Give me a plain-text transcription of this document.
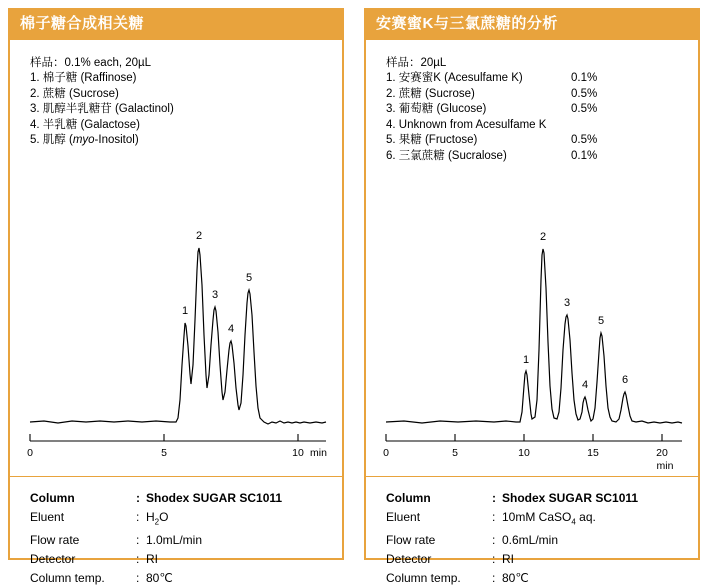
棉子糖合成相关糖
样品：0.1% each, 20µL
1. 棉子糖 (Raffinose)
2. 蔗糖 (Sucrose)
3. 肌醇半乳糖苷 (Galactinol)
4. 半乳糖 (Galactose)
5. 肌醇 (myo-Inositol)
1
2
3
4
5
0	5	10 min
Column	:	Shodex SUGAR SC1011
Eluent	:	$H_2O$
Flow rate	:	1.0mL/min
Detector	:	RI
Column temp.	:	80℃
安赛蜜K与三氯蔗糖的分析
样品：20µL
1. 安赛蜜K (Acesulfame K)	0.1%
2. 蔗糖 (Sucrose)	0.5%
3. 葡萄糖 (Glucose)	0.5%
4. Unknown from Acesulfame K
5. 果糖 (Fructose)	0.5%
6. 三氯蔗糖 (Sucralose)	0.1%
1
2
3
4
5
6
0	5	10	15	20
min
Column	:	Shodex SUGAR SC1011
Eluent	:	10mM CaSO$_4$ aq.
Flow rate	:	0.6mL/min
Detector	:	RI
Column temp.	:	80℃
